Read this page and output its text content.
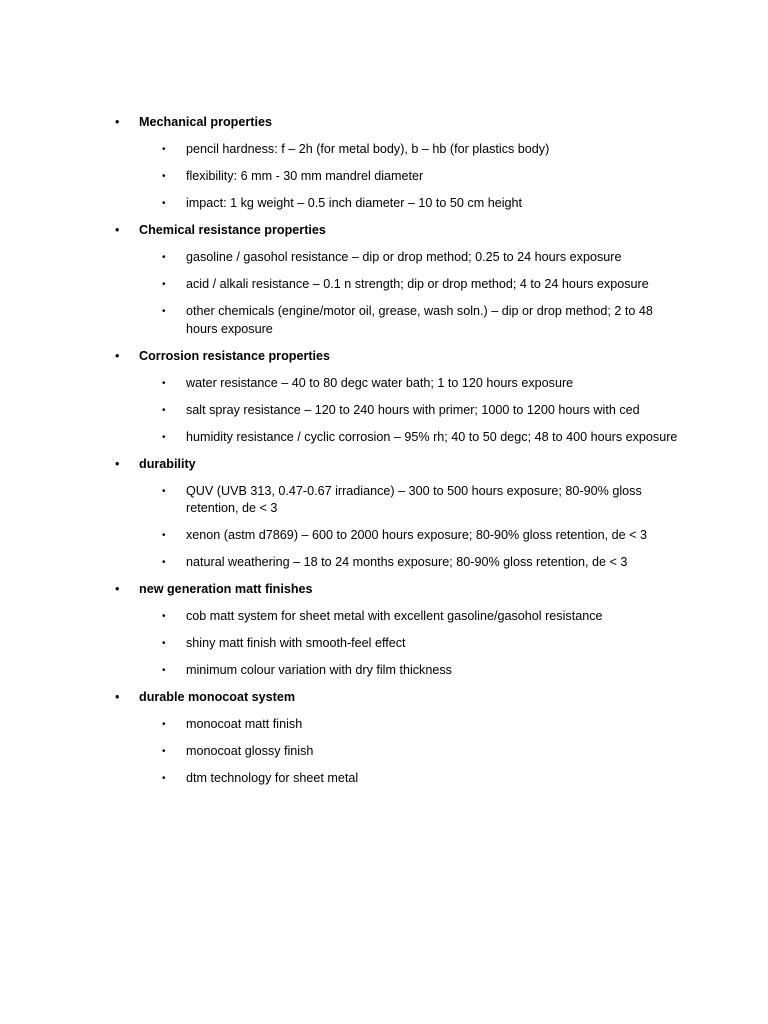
• Mechanical properties
• pencil hardness: f – 2h (for metal body), b – hb (for plastics body)
• flexibility: 6 mm - 30 mm mandrel diameter
• impact: 1 kg weight – 0.5 inch diameter – 10 to 50 cm height
• Chemical resistance properties
• gasoline / gasohol resistance – dip or drop method; 0.25 to 24 hours exposure
• acid / alkali resistance – 0.1 n strength; dip or drop method; 4 to 24 hours exposure
• other chemicals (engine/motor oil, grease, wash soln.) – dip or drop method; 2 to 48 hours exposure
• Corrosion resistance properties
• water resistance – 40 to 80 degc water bath; 1 to 120 hours exposure
• salt spray resistance – 120 to 240 hours with primer; 1000 to 1200 hours with ced
• humidity resistance / cyclic corrosion – 95% rh; 40 to 50 degc; 48 to 400 hours exposure
• durability
• QUV (UVB 313, 0.47-0.67 irradiance) – 300 to 500 hours exposure; 80-90% gloss retention, de < 3
• xenon (astm d7869) – 600 to 2000 hours exposure; 80-90% gloss retention, de < 3
• natural weathering – 18 to 24 months exposure; 80-90% gloss retention, de < 3
• new generation matt finishes
• cob matt system for sheet metal with excellent gasoline/gasohol resistance
• shiny matt finish with smooth-feel effect
• minimum colour variation with dry film thickness
• durable monocoat system
• monocoat matt finish
• monocoat glossy finish
• dtm technology for sheet metal
